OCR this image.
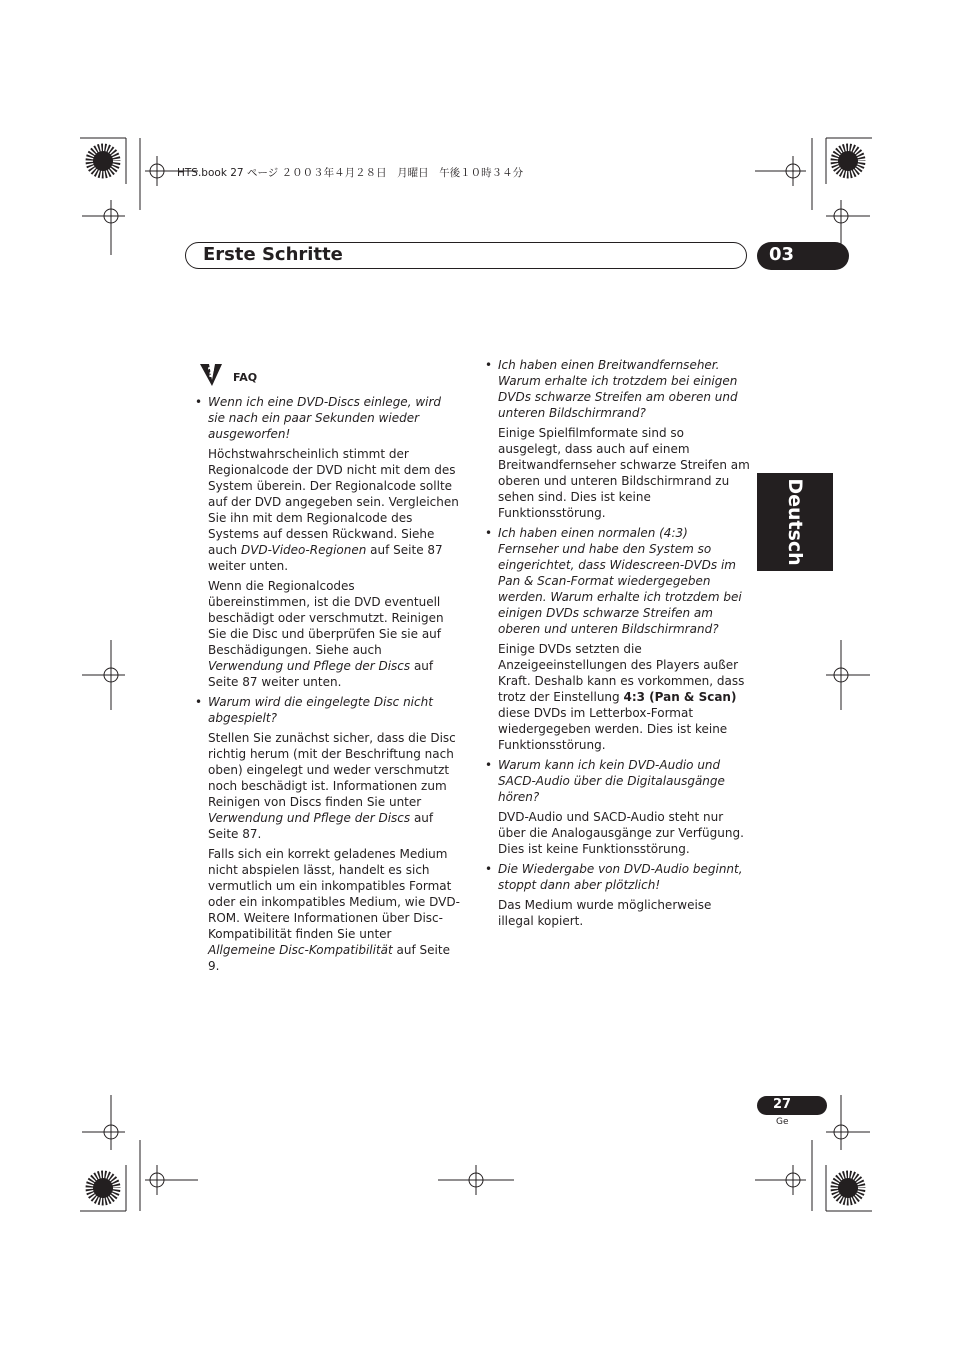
HTS.book 27 ページ ２００３年４月２８日　月曜日　午後１０時３４分
Erste Schritte	03
Deutsch
? FAQ
• Wenn ich eine DVD-Discs einlege, wird sie nach ein paar Sekunden wieder ausgeworfen!
Höchstwahrscheinlich stimmt der Regionalcode der DVD nicht mit dem des System überein. Der Regionalcode sollte auf der DVD angegeben sein. Vergleichen Sie ihn mit dem Regionalcode des Systems auf dessen Rückwand. Siehe auch DVD-Video-Regionen auf Seite 87 weiter unten.
Wenn die Regionalcodes übereinstimmen, ist die DVD eventuell beschädigt oder verschmutzt. Reinigen Sie die Disc und überprüfen Sie sie auf Beschädigungen. Siehe auch Verwendung und Pflege der Discs auf Seite 87 weiter unten.
• Warum wird die eingelegte Disc nicht abgespielt?
Stellen Sie zunächst sicher, dass die Disc richtig herum (mit der Beschriftung nach oben) eingelegt und weder verschmutzt noch beschädigt ist. Informationen zum Reinigen von Discs finden Sie unter Verwendung und Pflege der Discs auf Seite 87.
Falls sich ein korrekt geladenes Medium nicht abspielen lässt, handelt es sich vermutlich um ein inkompatibles Format oder ein inkompatibles Medium, wie DVD-ROM. Weitere Informationen über Disc-Kompatibilität finden Sie unter Allgemeine Disc-Kompatibilität auf Seite 9.
• Ich haben einen Breitwandfernseher. Warum erhalte ich trotzdem bei einigen DVDs schwarze Streifen am oberen und unteren Bildschirmrand?
Einige Spielfilmformate sind so ausgelegt, dass auch auf einem Breitwandfernseher schwarze Streifen am oberen und unteren Bildschirmrand zu sehen sind. Dies ist keine Funktionsstörung.
• Ich haben einen normalen (4:3) Fernseher und habe den System so eingerichtet, dass Widescreen-DVDs im Pan & Scan-Format wiedergegeben werden. Warum erhalte ich trotzdem bei einigen DVDs schwarze Streifen am oberen und unteren Bildschirmrand?
Einige DVDs setzten die Anzeigeeinstellungen des Players außer Kraft. Deshalb kann es vorkommen, dass trotz der Einstellung 4:3 (Pan & Scan) diese DVDs im Letterbox-Format wiedergegeben werden. Dies ist keine Funktionsstörung.
• Warum kann ich kein DVD-Audio und SACD-Audio über die Digitalausgänge hören?
DVD-Audio und SACD-Audio steht nur über die Analogausgänge zur Verfügung. Dies ist keine Funktionsstörung.
• Die Wiedergabe von DVD-Audio beginnt, stoppt dann aber plötzlich!
Das Medium wurde möglicherweise illegal kopiert.
27
Ge
